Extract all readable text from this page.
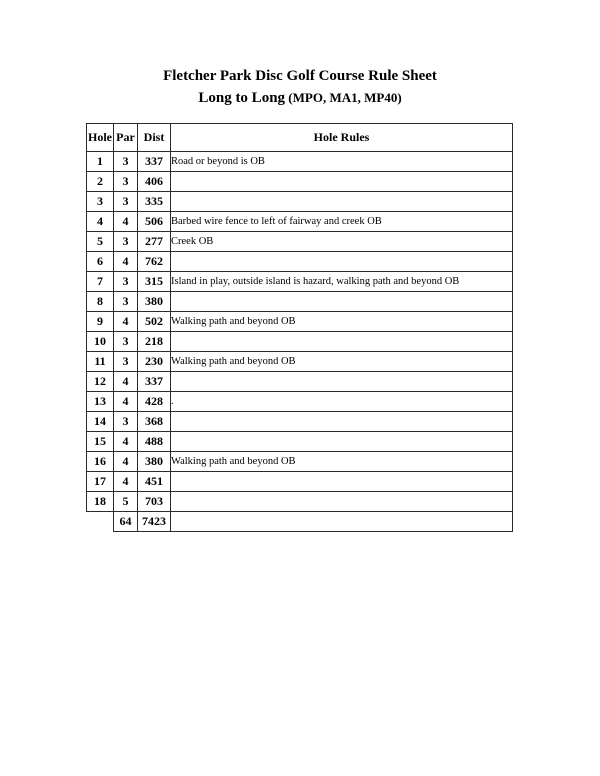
Fletcher Park Disc Golf Course Rule Sheet
Long to Long (MPO, MA1, MP40)
Hole	Par	Dist	Hole Rules
1	3	337	Road or beyond is OB
2	3	406	
3	3	335	
4	4	506	Barbed wire fence to left of fairway and creek OB
5	3	277	Creek OB
6	4	762	
7	3	315	Island in play, outside island is hazard, walking path and beyond OB
8	3	380	
9	4	502	Walking path and beyond OB
10	3	218	
11	3	230	Walking path and beyond OB
12	4	337	
13	4	428	.
14	3	368	
15	4	488	
16	4	380	Walking path and beyond OB
17	4	451	
18	5	703	
	64	7423	
